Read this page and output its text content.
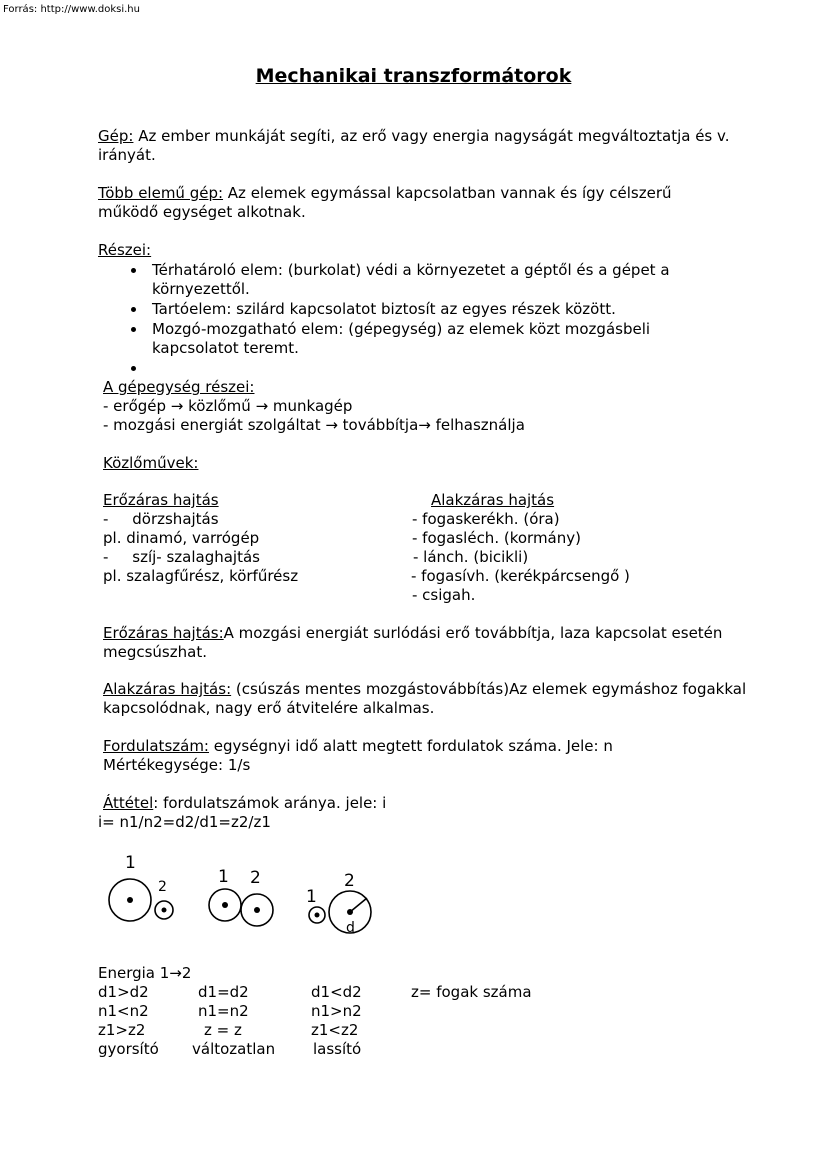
Forrás: http://www.doksi.hu
Mechanikai transzformátorok
Gép: Az ember munkáját segíti, az erő vagy energia nagyságát megváltoztatja és v.
irányát.
Több elemű gép: Az elemek egymással kapcsolatban vannak és így célszerű
működő egységet alkotnak.
Részei:
Térhatároló elem: (burkolat) védi a környezetet a géptől és a gépet a
környezettől.
Tartóelem: szilárd kapcsolatot biztosít az egyes részek között.
Mozgó-mozgatható elem: (gépegység) az elemek közt mozgásbeli
kapcsolatot teremt.
A gépegység részei:
- erőgép → közlőmű → munkagép
- mozgási energiát szolgáltat → továbbítja→ felhasználja
Közlőművek:
Erőzáras hajtás
-     dörzshajtás
pl. dinamó, varrógép
-     szíj- szalaghajtás
pl. szalagfűrész, körfűrész
Alakzáras hajtás
- fogaskerékh. (óra)
- fogasléch. (kormány)
- lánch. (bicikli)
- fogasívh. (kerékpárcsengő )
- csigah.
Erőzáras hajtás:A mozgási energiát surlódási erő továbbítja, laza kapcsolat esetén
megcsúszhat.
Alakzáras hajtás: (csúszás mentes mozgástovábbítás)Az elemek egymáshoz fogakkal
kapcsolódnak, nagy erő átvitelére alkalmas.
Fordulatszám: egységnyi idő alatt megtett fordulatok száma. Jele: n
Mértékegysége: 1/s
Áttétel: fordulatszámok aránya. jele: i
i= n1/n2=d2/d1=z2/z1
1
2	1 2
1
2
d
Energia 1→2
d1>d2
n1<n2
z1>z2
gyorsító
d1=d2
n1=n2
z = z
változatlan
d1<d2
n1>n2
z1<z2
lassító
z= fogak száma
